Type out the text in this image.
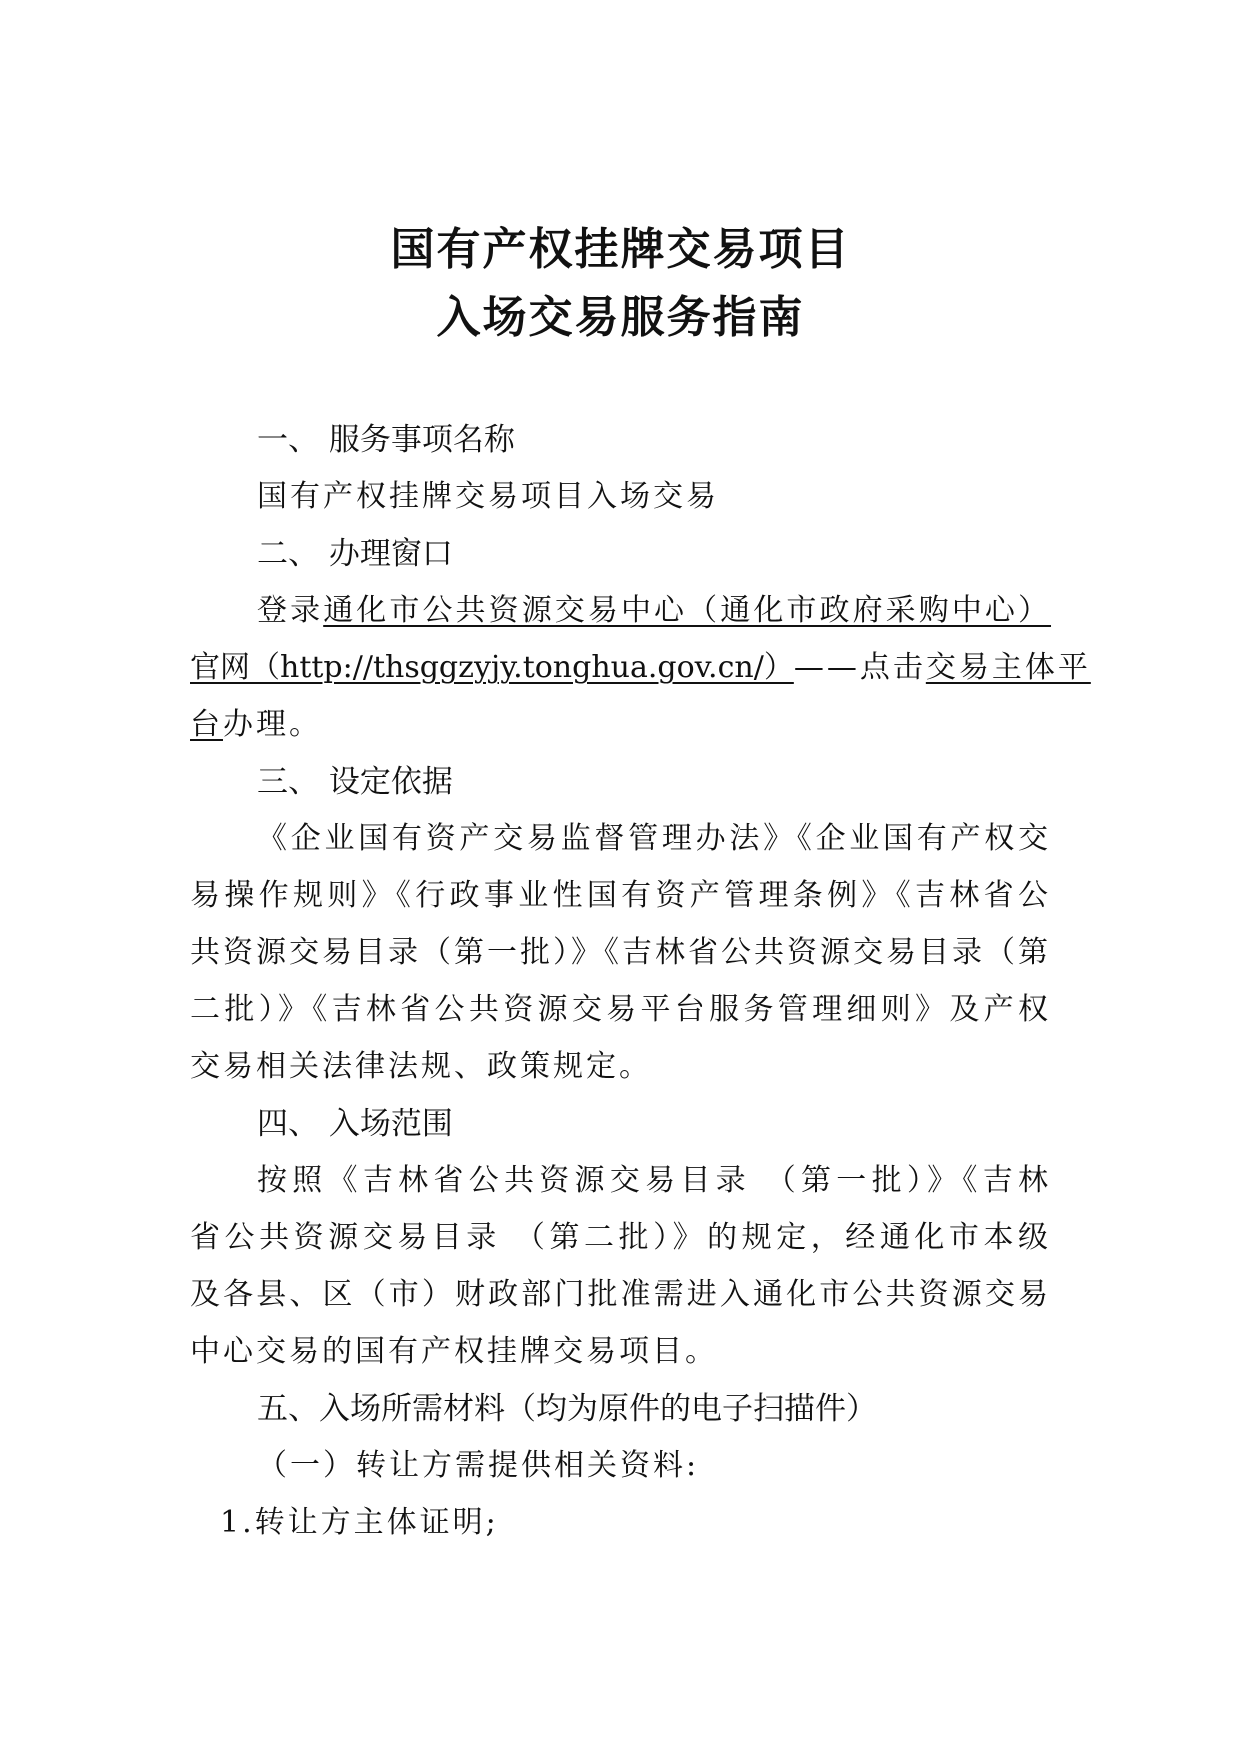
国有产权挂牌交易项目
入场交易服务指南
一、 服务事项名称
国有产权挂牌交易项目入场交易
二、 办理窗口
登录通化市公共资源交易中心（通化市政府采购中心）
官网（http://thsggzyjy.tonghua.gov.cn/）——点击交易主体平
台办理。
三、 设定依据
《企业国有资产交易监督管理办法》《企业国有产权交
易操作规则》《行政事业性国有资产管理条例》《吉林省公
共资源交易目录（第一批）》《吉林省公共资源交易目录（第
二批）》《吉林省公共资源交易平台服务管理细则》及产权
交易相关法律法规、政策规定。
四、 入场范围
按照《吉林省公共资源交易目录 （第一批）》《吉林
省公共资源交易目录 （第二批）》的规定，经通化市本级
及各县、区（市）财政部门批准需进入通化市公共资源交易
中心交易的国有产权挂牌交易项目。
五、入场所需材料（均为原件的电子扫描件）
（一）转让方需提供相关资料:
1.转让方主体证明;
